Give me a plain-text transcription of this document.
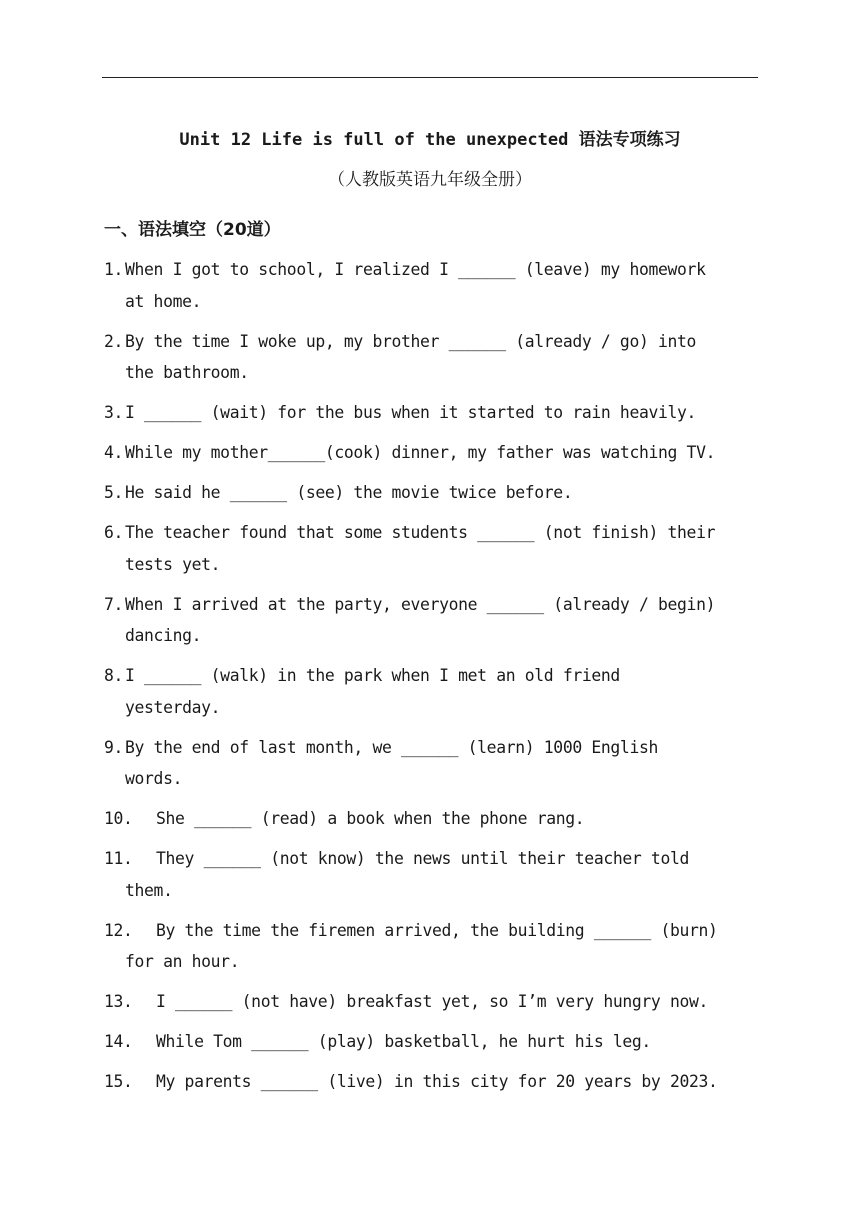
Unit 12 Life is full of the unexpected 语法专项练习
（人教版英语九年级全册）
一、语法填空（20道）
1. When I got to school, I realized I ______ (leave) my homework
at home.
2. By the time I woke up, my brother ______ (already / go) into
the bathroom.
3. I ______ (wait) for the bus when it started to rain heavily.
4. While my mother______(cook) dinner, my father was watching TV.
5. He said he ______ (see) the movie twice before.
6. The teacher found that some students ______ (not finish) their
tests yet.
7. When I arrived at the party, everyone ______ (already / begin)
dancing.
8. I ______ (walk) in the park when I met an old friend
yesterday.
9. By the end of last month, we ______ (learn) 1000 English
words.
10.	She ______ (read) a book when the phone rang.
11. They ______ (not know) the news until their teacher told
them.
12. By the time the firemen arrived, the building ______ (burn)
for an hour.
13.	I ______ (not have) breakfast yet, so I’m very hungry now.
14.	While Tom ______ (play) basketball, he hurt his leg.
15.	My parents ______ (live) in this city for 20 years by 2023.
